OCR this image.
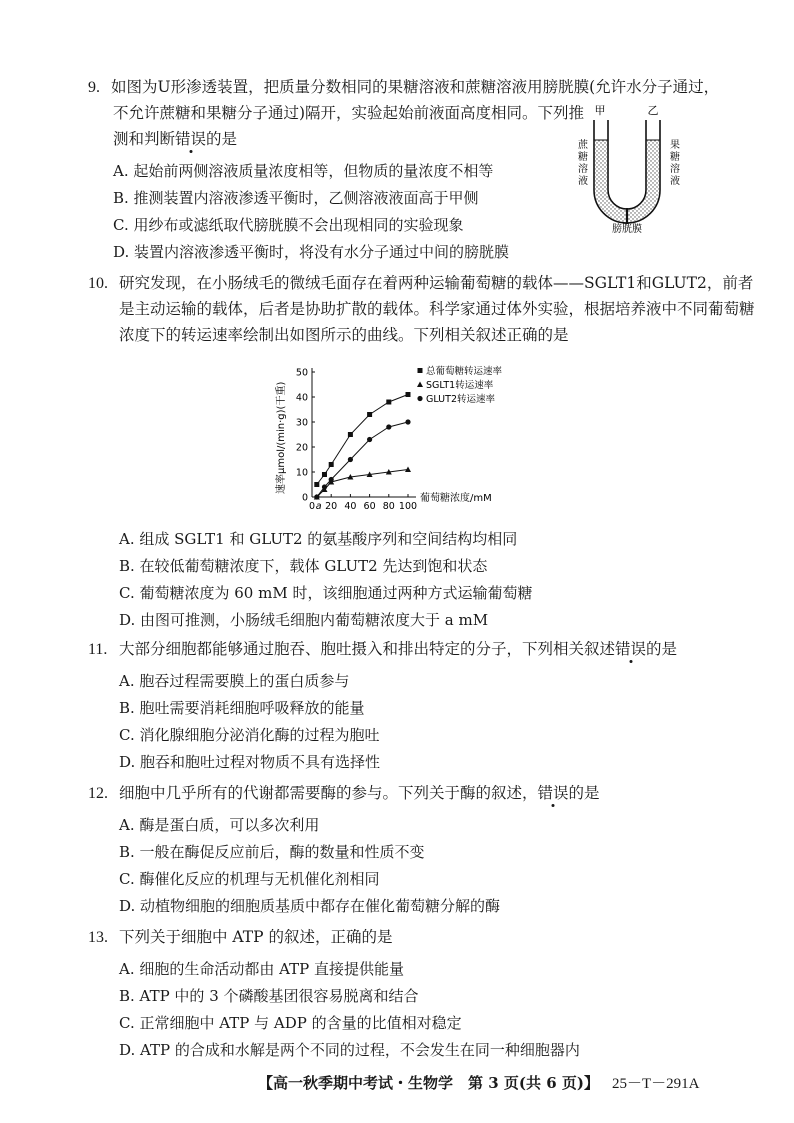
9. 如图为U形渗透装置，把质量分数相同的果糖溶液和蔗糖溶液用膀胱膜(允许水分子通过，
不允许蔗糖和果糖分子通过)隔开，实验起始前液面高度相同。下列推
测和判断错误的是
A. 起始前两侧溶液质量浓度相等，但物质的量浓度不相等
B. 推测装置内溶液渗透平衡时，乙侧溶液液面高于甲侧
C. 用纱布或滤纸取代膀胱膜不会出现相同的实验现象
D. 装置内溶液渗透平衡时，将没有水分子通过中间的膀胱膜
甲	乙
膀胱膜
蔗
糖
溶
液
果
糖
溶
液
10. 研究发现，在小肠绒毛的微绒毛面存在着两种运输葡萄糖的载体——SGLT1和GLUT2，前者
是主动运输的载体，后者是协助扩散的载体。科学家通过体外实验，根据培养液中不同葡萄糖
浓度下的转运速率绘制出如图所示的曲线。下列相关叙述正确的是
速率μmol/(min·g)(干重)
0
10
20
30
40
50
0 a 20 40 60 80 100
葡萄糖浓度/mM
总葡萄糖转运速率
SGLT1转运速率
GLUT2转运速率
A. 组成 SGLT1 和 GLUT2 的氨基酸序列和空间结构均相同
B. 在较低葡萄糖浓度下，载体 GLUT2 先达到饱和状态
C. 葡萄糖浓度为 60 mM 时，该细胞通过两种方式运输葡萄糖
D. 由图可推测，小肠绒毛细胞内葡萄糖浓度大于 a mM
11. 大部分细胞都能够通过胞吞、胞吐摄入和排出特定的分子，下列相关叙述错误的是
A. 胞吞过程需要膜上的蛋白质参与
B. 胞吐需要消耗细胞呼吸释放的能量
C. 消化腺细胞分泌消化酶的过程为胞吐
D. 胞吞和胞吐过程对物质不具有选择性
12. 细胞中几乎所有的代谢都需要酶的参与。下列关于酶的叙述，错误的是
A. 酶是蛋白质，可以多次利用
B. 一般在酶促反应前后，酶的数量和性质不变
C. 酶催化反应的机理与无机催化剂相同
D. 动植物细胞的细胞质基质中都存在催化葡萄糖分解的酶
13. 下列关于细胞中 ATP 的叙述，正确的是
A. 细胞的生命活动都由 ATP 直接提供能量
B. ATP 中的 3 个磷酸基团很容易脱离和结合
C. 正常细胞中 ATP 与 ADP 的含量的比值相对稳定
D. ATP 的合成和水解是两个不同的过程，不会发生在同一种细胞器内
【高一秋季期中考试・生物学　第 3 页(共 6 页)】 25－T－291A
